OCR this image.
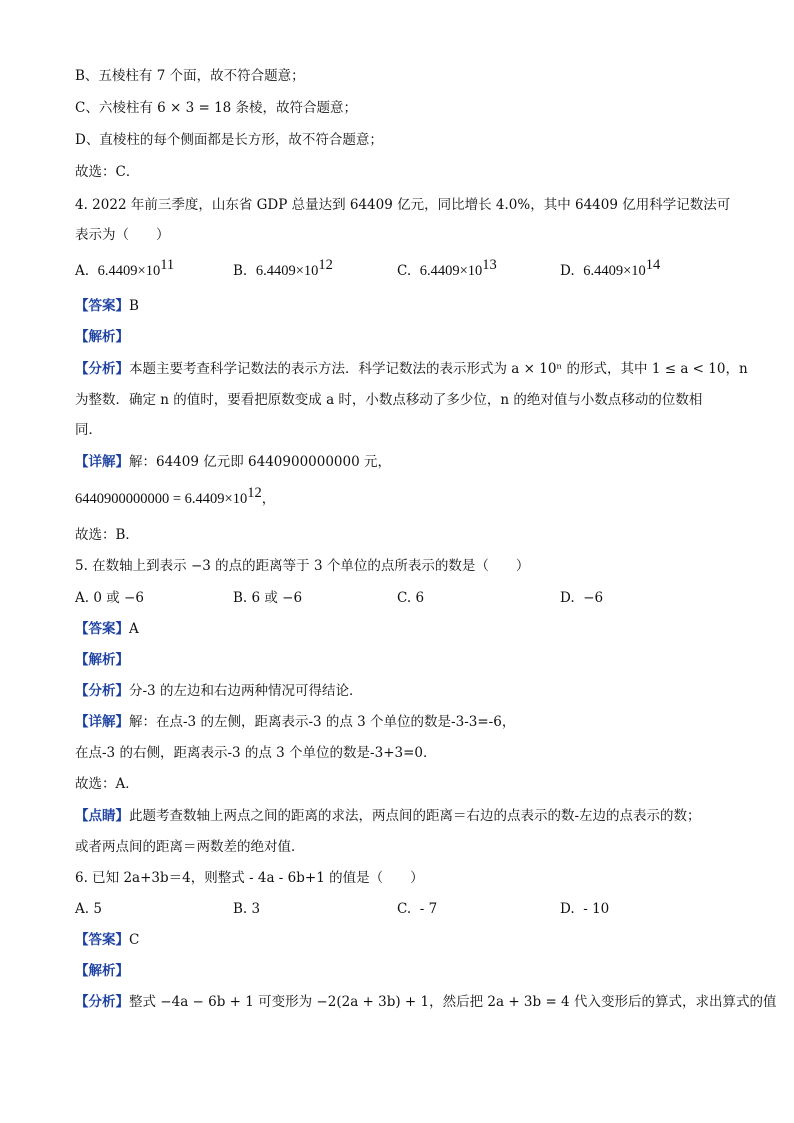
B、五棱柱有 7 个面，故不符合题意；
C、六棱柱有 6 × 3 = 18 条棱，故符合题意；
D、直棱柱的每个侧面都是长方形，故不符合题意；
故选：C．
4. 2022 年前三季度，山东省 GDP 总量达到 64409 亿元，同比增长 4.0%，其中 64409 亿用科学记数法可
表示为（　　）
A. $6.4409\times 10^{11}$	B. $6.4409\times 10^{12}$	C. $6.4409\times 10^{13}$	D. $6.4409\times 10^{14}$
【答案】B
【解析】
【分析】本题主要考查科学记数法的表示方法．科学记数法的表示形式为 a × 10ⁿ 的形式，其中 1 ≤ a < 10，n
为整数．确定 n 的值时，要看把原数变成 a 时，小数点移动了多少位，n 的绝对值与小数点移动的位数相
同．
【详解】解：64409 亿元即 6440900000000 元，
$6440900000000 = 6.4409\times 10^{12}$，
故选：B．
5. 在数轴上到表示 −3 的点的距离等于 3 个单位的点所表示的数是（　　）
A. 0 或 −6	B. 6 或 −6	C. 6	D. −6
【答案】A
【解析】
【分析】分-3 的左边和右边两种情况可得结论．
【详解】解：在点-3 的左侧，距离表示-3 的点 3 个单位的数是-3-3=-6，
在点-3 的右侧，距离表示-3 的点 3 个单位的数是-3+3=0．
故选：A．
【点睛】此题考查数轴上两点之间的距离的求法，两点间的距离＝右边的点表示的数-左边的点表示的数；
或者两点间的距离＝两数差的绝对值．
6. 已知 2a+3b＝4，则整式 - 4a - 6b+1 的值是（　　）
A. 5	B. 3	C. - 7	D. - 10
【答案】C
【解析】
【分析】整式 −4a − 6b + 1 可变形为 −2(2a + 3b) + 1，然后把 2a + 3b = 4 代入变形后的算式，求出算式的值
